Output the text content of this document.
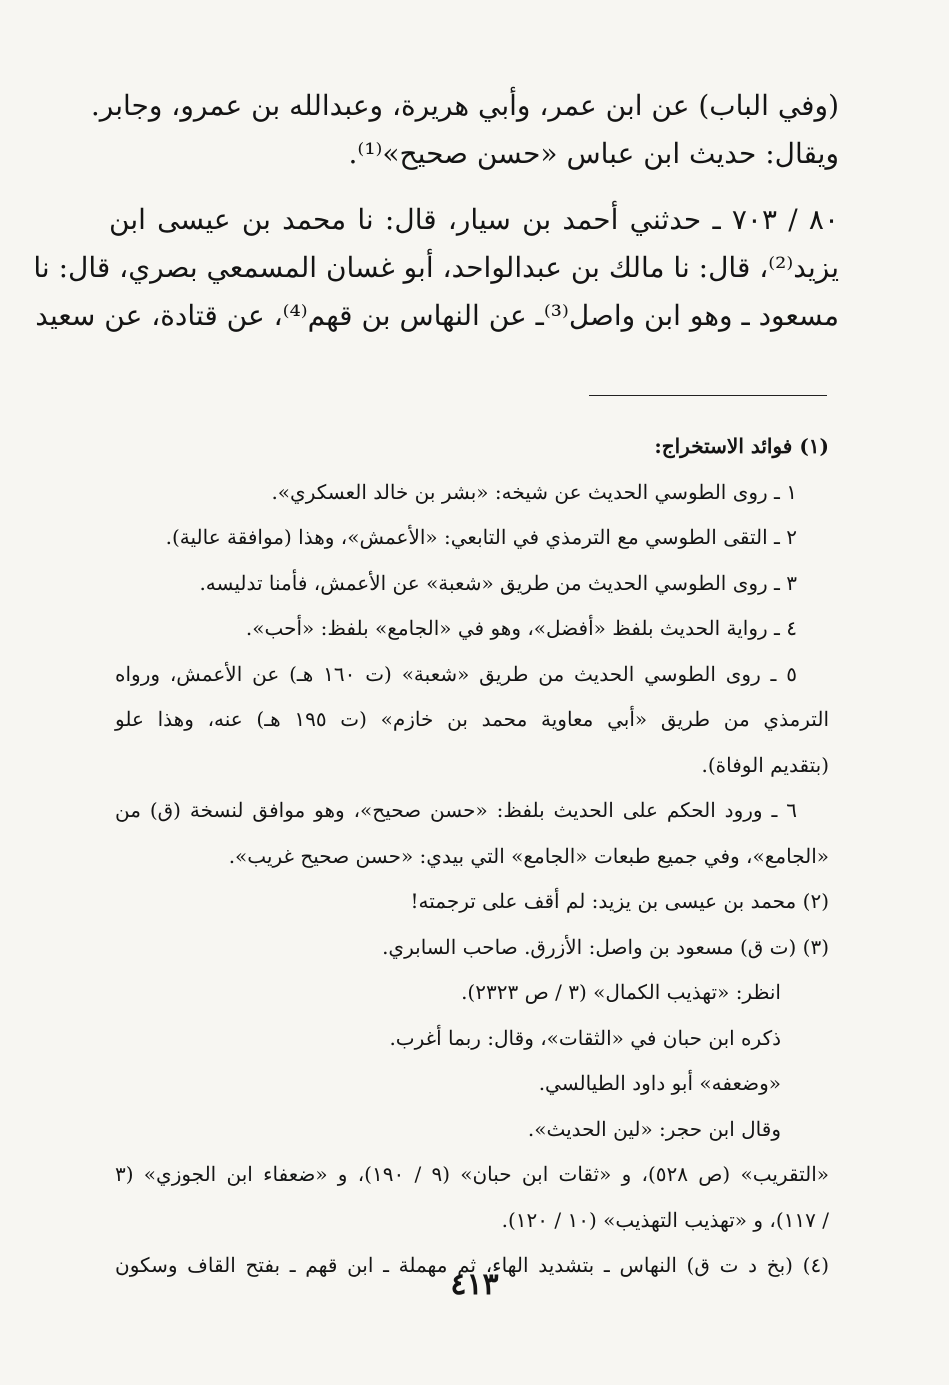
(وفي الباب) عن ابن عمر، وأبي هريرة، وعبدالله بن عمرو، وجابر.
ويقال: حديث ابن عباس «حسن صحيح»⁽¹⁾.
٨٠ / ٧٠٣ ـ حدثني أحمد بن سيار، قال: نا محمد بن عيسى ابن
يزيد⁽²⁾، قال: نا مالك بن عبدالواحد، أبو غسان المسمعي بصري، قال: نا
مسعود ـ وهو ابن واصل⁽³⁾ـ عن النهاس بن قهم⁽⁴⁾، عن قتادة، عن سعيد
(١) فوائد الاستخراج:
١ ـ روى الطوسي الحديث عن شيخه: «بشر بن خالد العسكري».
٢ ـ التقى الطوسي مع الترمذي في التابعي: «الأعمش»، وهذا (موافقة عالية).
٣ ـ روى الطوسي الحديث من طريق «شعبة» عن الأعمش، فأمنا تدليسه.
٤ ـ رواية الحديث بلفظ «أفضل»، وهو في «الجامع» بلفظ: «أحب».
٥ ـ روى الطوسي الحديث من طريق «شعبة» (ت ١٦٠ هـ) عن الأعمش، ورواه
الترمذي من طريق «أبي معاوية محمد بن خازم» (ت ١٩٥ هـ) عنه، وهذا علو
(بتقديم الوفاة).
٦ ـ ورود الحكم على الحديث بلفظ: «حسن صحيح»، وهو موافق لنسخة (ق) من
«الجامع»، وفي جميع طبعات «الجامع» التي بيدي: «حسن صحيح غريب».
(٢) محمد بن عيسى بن يزيد: لم أقف على ترجمته!
(٣) (ت ق) مسعود بن واصل: الأزرق. صاحب السابري.
انظر: «تهذيب الكمال» (٣ / ص ٢٣٢٣).
ذكره ابن حبان في «الثقات»، وقال: ربما أغرب.
«وضعفه» أبو داود الطيالسي.
وقال ابن حجر: «لين الحديث».
«التقريب» (ص ٥٢٨)، و «ثقات ابن حبان» (٩ / ١٩٠)، و «ضعفاء ابن الجوزي» (٣
/ ١١٧)، و «تهذيب التهذيب» (١٠ / ١٢٠).
(٤) (بخ د ت ق) النهاس ـ بتشديد الهاء، ثم مهملة ـ ابن قهم ـ بفتح القاف وسكون
٤١٣
